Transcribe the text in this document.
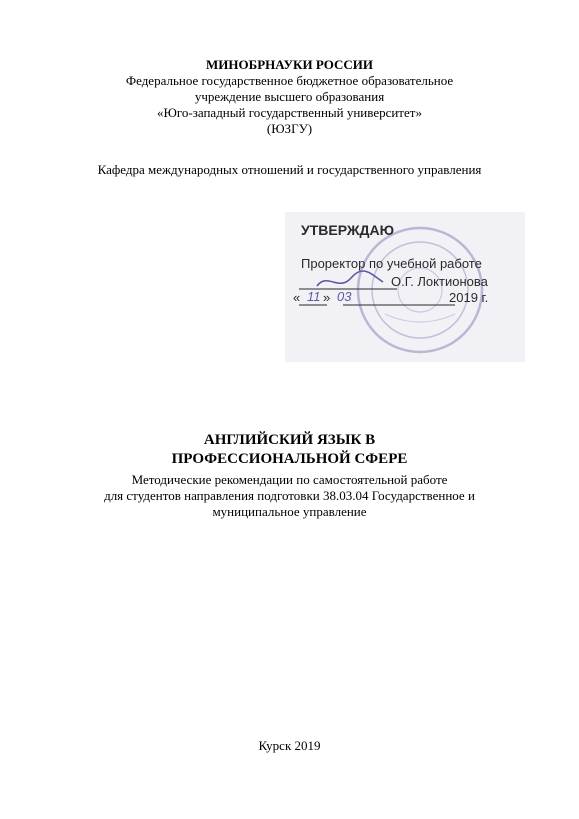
МИНОБРНАУКИ РОССИИ
Федеральное государственное бюджетное образовательное
учреждение высшего образования
«Юго-западный государственный университет»
(ЮЗГУ)
Кафедра международных отношений и государственного управления
УТВЕРЖДАЮ
Проректор по учебной работе
О.Г. Локтионова
« 11 » 03	2019 г.
АНГЛИЙСКИЙ ЯЗЫК В
ПРОФЕССИОНАЛЬНОЙ СФЕРЕ
Методические рекомендации по самостоятельной работе
для студентов направления подготовки 38.03.04 Государственное и
муниципальное управление
Курск 2019
